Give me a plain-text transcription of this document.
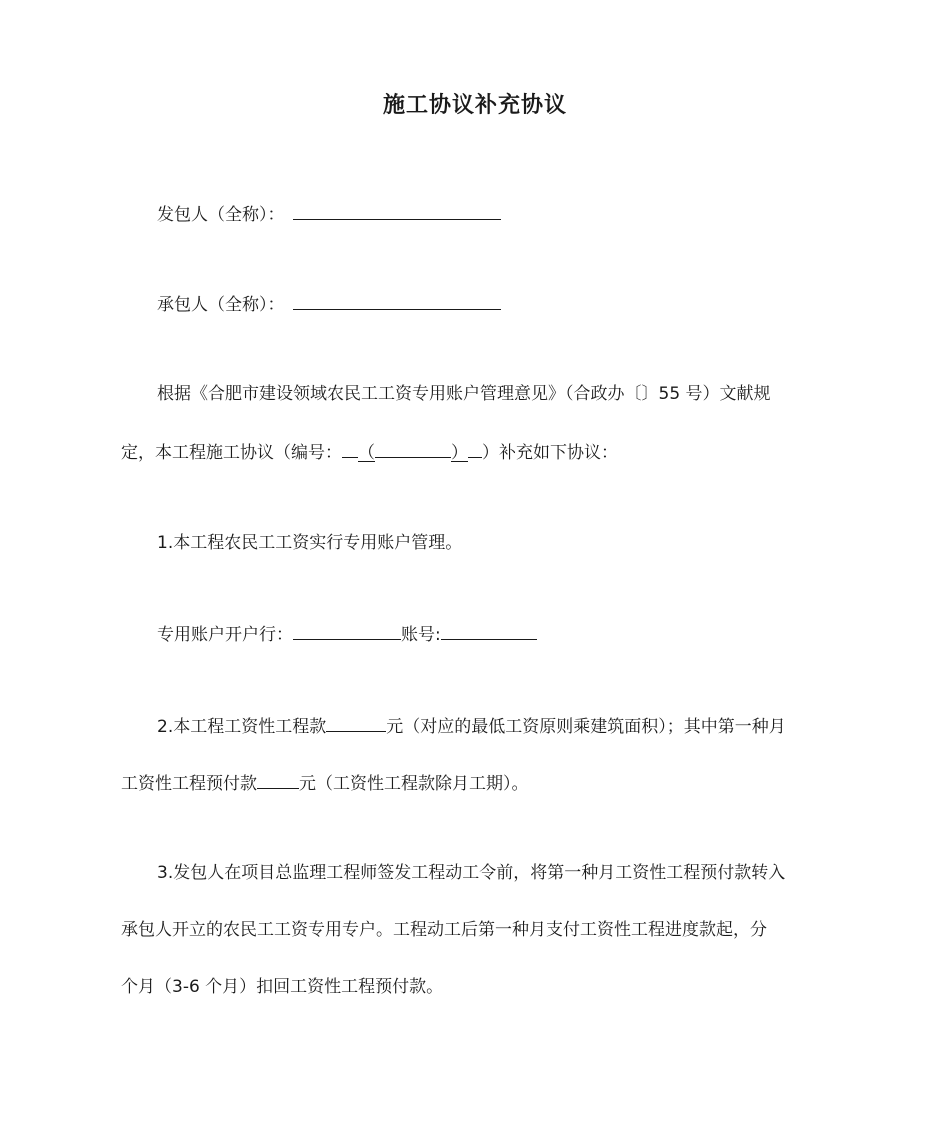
施工协议补充协议
发包人（全称）：
承包人（全称）：
根据《合肥市建设领域农民工工资专用账户管理意见》（合政办〔〕55 号）文献规
定，本工程施工协议（编号： （	） ）补充如下协议：
1.本工程农民工工资实行专用账户管理。
专用账户开户行：	账号:
2.本工程工资性工程款	元（对应的最低工资原则乘建筑面积）；其中第一种月
工资性工程预付款 元（工资性工程款除月工期）。
3.发包人在项目总监理工程师签发工程动工令前，将第一种月工资性工程预付款转入
承包人开立的农民工工资专用专户。工程动工后第一种月支付工资性工程进度款起，分
个月（3-6 个月）扣回工资性工程预付款。
